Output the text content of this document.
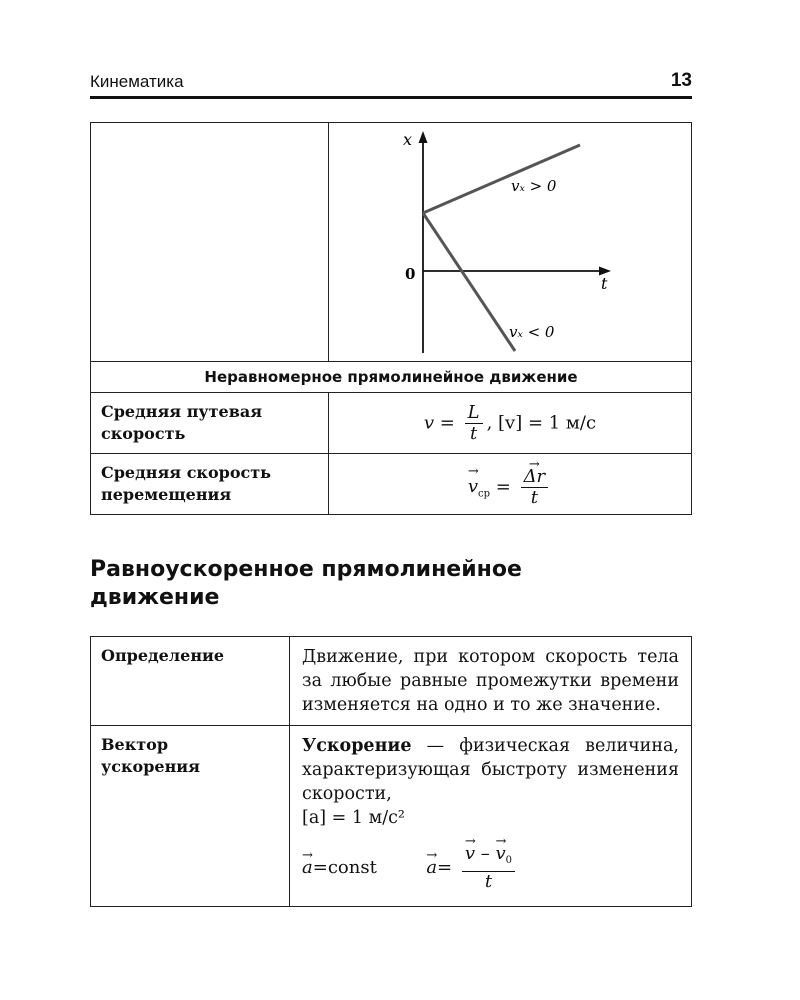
Кинематика	13

x
t
0
vₓ > 0
vₓ < 0

Неравномерное прямолинейное движение	
Средняя путевая
скорость	$v = \frac{L}{t}$ , [v] = 1 м/с
Средняя скорость
перемещения	→ $v_{ср}$ = → $\frac{\Delta r}{t}$
Равноускоренное прямолинейное
движение
Определение	Движение, при котором скорость тела за любые равные промежутки времени изменяется на одно и то же значение.
Вектор
ускорения	Ускорение — физическая величина, характеризующая быстроту изменения скорости,
[a] = 1 м/с²
→ a=const → $a= \to \frac{v - \to v_0}{t}$
